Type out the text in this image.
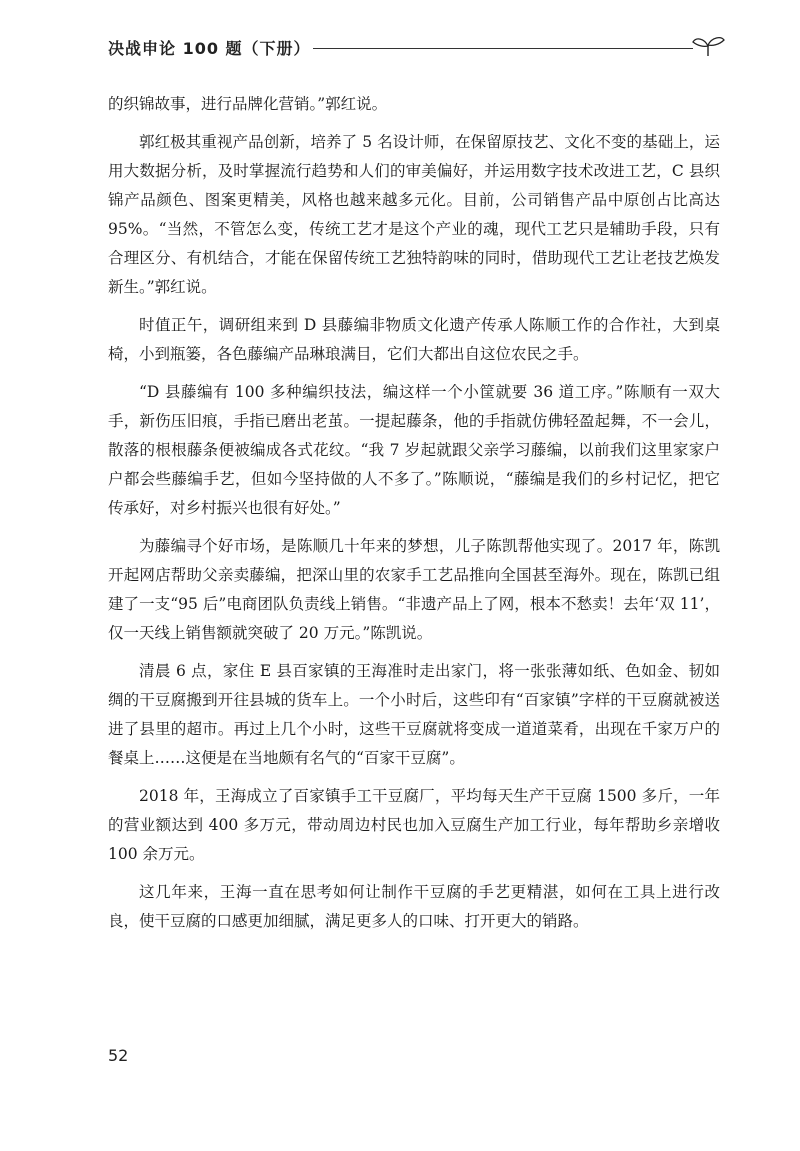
决战申论 100 题（下册）

的织锦故事，进行品牌化营销。”郭红说。

郭红极其重视产品创新，培养了 5 名设计师，在保留原技艺、文化不变的基础上，运用大数据分析，及时掌握流行趋势和人们的审美偏好，并运用数字技术改进工艺，C 县织锦产品颜色、图案更精美，风格也越来越多元化。目前，公司销售产品中原创占比高达 95%。“当然，不管怎么变，传统工艺才是这个产业的魂，现代工艺只是辅助手段，只有合理区分、有机结合，才能在保留传统工艺独特韵味的同时，借助现代工艺让老技艺焕发新生。”郭红说。

时值正午，调研组来到 D 县藤编非物质文化遗产传承人陈顺工作的合作社，大到桌椅，小到瓶篓，各色藤编产品琳琅满目，它们大都出自这位农民之手。

“D 县藤编有 100 多种编织技法，编这样一个小筐就要 36 道工序。”陈顺有一双大手，新伤压旧痕，手指已磨出老茧。一提起藤条，他的手指就仿佛轻盈起舞，不一会儿，散落的根根藤条便被编成各式花纹。“我 7 岁起就跟父亲学习藤编，以前我们这里家家户户都会些藤编手艺，但如今坚持做的人不多了。”陈顺说，“藤编是我们的乡村记忆，把它传承好，对乡村振兴也很有好处。”

为藤编寻个好市场，是陈顺几十年来的梦想，儿子陈凯帮他实现了。2017 年，陈凯开起网店帮助父亲卖藤编，把深山里的农家手工艺品推向全国甚至海外。现在，陈凯已组建了一支“95 后”电商团队负责线上销售。“非遗产品上了网，根本不愁卖！去年‘双 11’，仅一天线上销售额就突破了 20 万元。”陈凯说。

清晨 6 点，家住 E 县百家镇的王海准时走出家门，将一张张薄如纸、色如金、韧如绸的干豆腐搬到开往县城的货车上。一个小时后，这些印有“百家镇”字样的干豆腐就被送进了县里的超市。再过上几个小时，这些干豆腐就将变成一道道菜肴，出现在千家万户的餐桌上……这便是在当地颇有名气的“百家干豆腐”。

2018 年，王海成立了百家镇手工干豆腐厂，平均每天生产干豆腐 1500 多斤，一年的营业额达到 400 多万元，带动周边村民也加入豆腐生产加工行业，每年帮助乡亲增收 100 余万元。

这几年来，王海一直在思考如何让制作干豆腐的手艺更精湛，如何在工具上进行改良，使干豆腐的口感更加细腻，满足更多人的口味、打开更大的销路。

52
